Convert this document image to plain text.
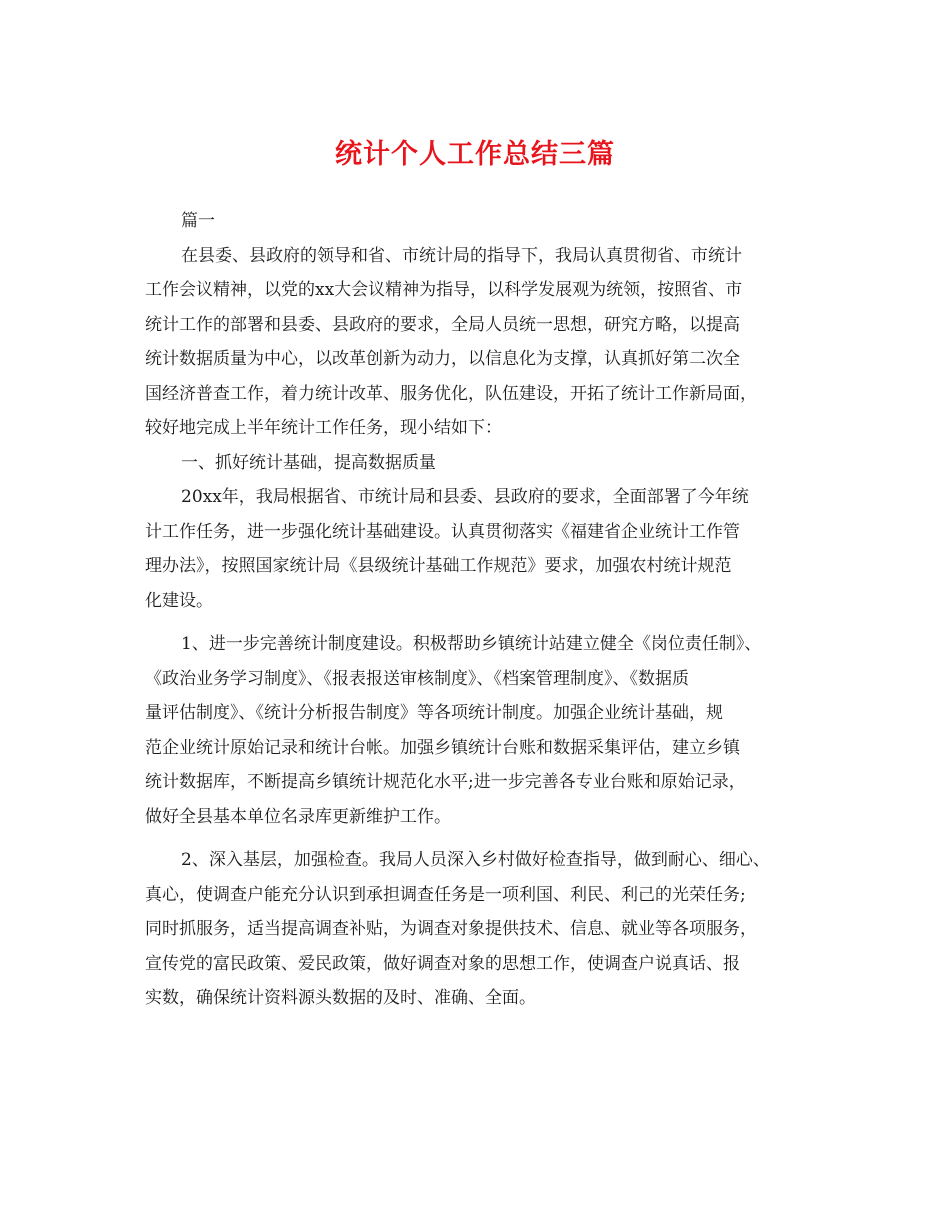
统计个人工作总结三篇
篇一
在县委、县政府的领导和省、市统计局的指导下，我局认真贯彻省、市统计
工作会议精神，以党的xx大会议精神为指导，以科学发展观为统领，按照省、市
统计工作的部署和县委、县政府的要求，全局人员统一思想，研究方略，以提高
统计数据质量为中心，以改革创新为动力，以信息化为支撑，认真抓好第二次全
国经济普查工作，着力统计改革、服务优化，队伍建设，开拓了统计工作新局面，
较好地完成上半年统计工作任务，现小结如下：
一、抓好统计基础，提高数据质量
20xx年，我局根据省、市统计局和县委、县政府的要求，全面部署了今年统
计工作任务，进一步强化统计基础建设。认真贯彻落实《福建省企业统计工作管
理办法》，按照国家统计局《县级统计基础工作规范》要求，加强农村统计规范
化建设。
1、进一步完善统计制度建设。积极帮助乡镇统计站建立健全《岗位责任制》、
《政治业务学习制度》、《报表报送审核制度》、《档案管理制度》、《数据质
量评估制度》、《统计分析报告制度》等各项统计制度。加强企业统计基础，规
范企业统计原始记录和统计台帐。加强乡镇统计台账和数据采集评估，建立乡镇
统计数据库，不断提高乡镇统计规范化水平;进一步完善各专业台账和原始记录，
做好全县基本单位名录库更新维护工作。
2、深入基层，加强检查。我局人员深入乡村做好检查指导，做到耐心、细心、
真心，使调查户能充分认识到承担调查任务是一项利国、利民、利己的光荣任务;
同时抓服务，适当提高调查补贴，为调查对象提供技术、信息、就业等各项服务，
宣传党的富民政策、爱民政策，做好调查对象的思想工作，使调查户说真话、报
实数，确保统计资料源头数据的及时、准确、全面。
